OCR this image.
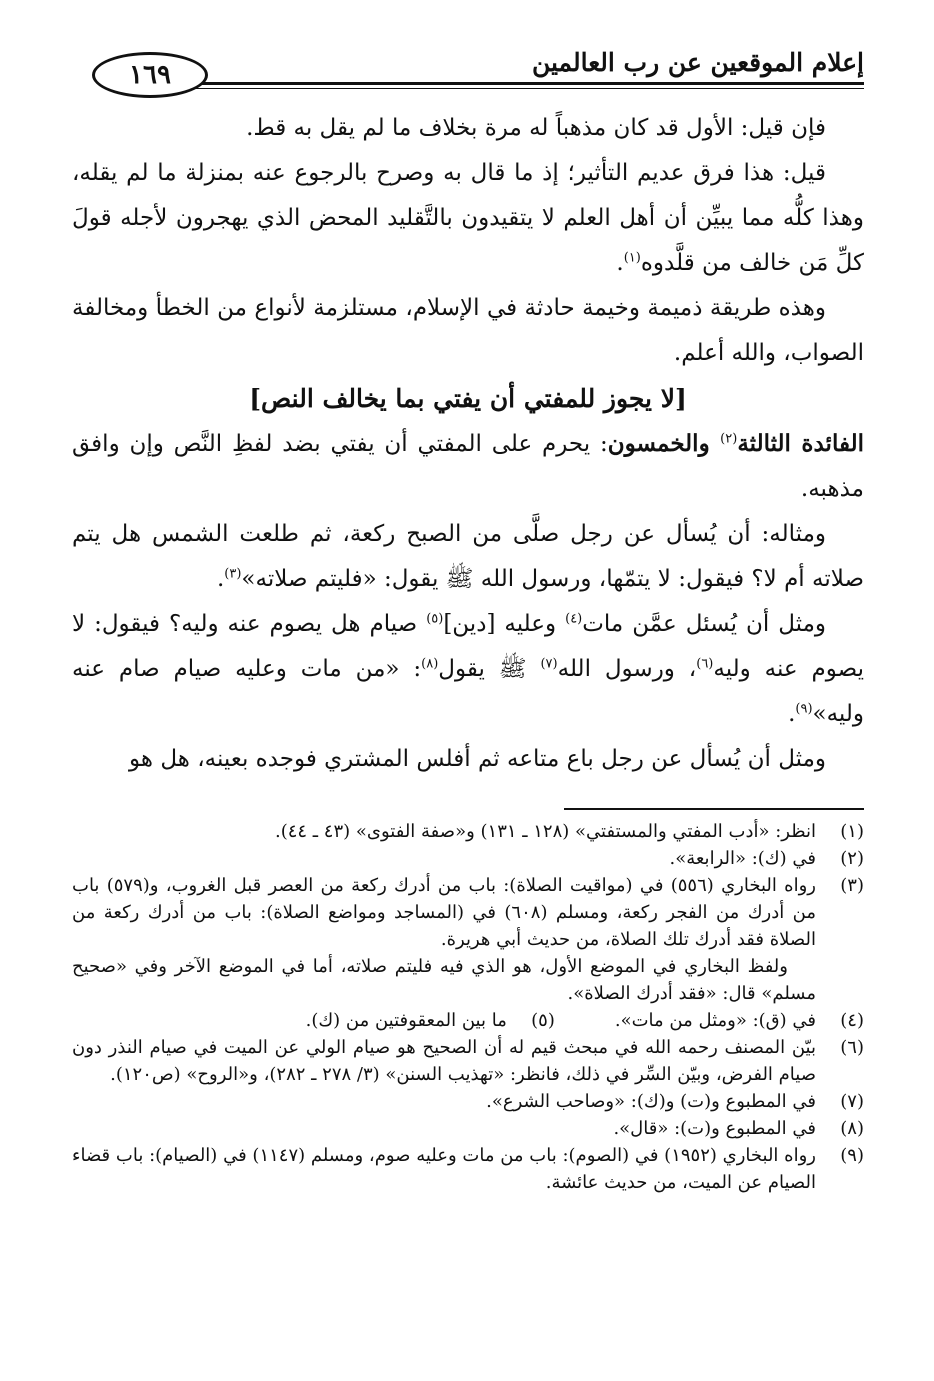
إعلام الموقعين عن رب العالمين
١٦٩

فإن قيل: الأول قد كان مذهباً له مرة بخلاف ما لم يقل به قط.

قيل: هذا فرق عديم التأثير؛ إذ ما قال به وصرح بالرجوع عنه بمنزلة ما لم يقله، وهذا كلُّه مما يبيِّن أن أهل العلم لا يتقيدون بالتَّقليد المحض الذي يهجرون لأجله قولَ كلِّ مَن خالف من قلَّدوه$^{(١)}$.

وهذه طريقة ذميمة وخيمة حادثة في الإسلام، مستلزمة لأنواع من الخطأ ومخالفة الصواب، والله أعلم.

[لا يجوز للمفتي أن يفتي بما يخالف النص]

الفائدة الثالثة$^{(٢)}$ والخمسون: يحرم على المفتي أن يفتي بضد لفظِ النَّص وإن وافق مذهبه.

ومثاله: أن يُسأل عن رجل صلَّى من الصبح ركعة، ثم طلعت الشمس هل يتم صلاته أم لا؟ فيقول: لا يتمّها، ورسول الله ﷺ يقول: «فليتم صلاته»$^{(٣)}$.

ومثل أن يُسئل عمَّن مات$^{(٤)}$ وعليه [دين]$^{(٥)}$ صيام هل يصوم عنه وليه؟ فيقول: لا يصوم عنه وليه$^{(٦)}$، ورسول الله$^{(٧)}$ ﷺ يقول$^{(٨)}$: «من مات وعليه صيام صام عنه وليه»$^{(٩)}$.

ومثل أن يُسأل عن رجل باع متاعه ثم أفلس المشتري فوجده بعينه، هل هو

(١)
انظر: «أدب المفتي والمستفتي» (١٢٨ ـ ١٣١) و«صفة الفتوى» (٤٣ ـ ٤٤).
(٢)
في (ك): «الرابعة».
(٣)
رواه البخاري (٥٥٦) في (مواقيت الصلاة): باب من أدرك ركعة من العصر قبل الغروب، و(٥٧٩) باب من أدرك من الفجر ركعة، ومسلم (٦٠٨) في (المساجد ومواضع الصلاة): باب من أدرك ركعة من الصلاة فقد أدرك تلك الصلاة، من حديث أبي هريرة.
ولفظ البخاري في الموضع الأول، هو الذي فيه فليتم صلاته، أما في الموضع الآخر وفي «صحيح مسلم» قال: «فقد أدرك الصلاة».
(٤)
في (ق): «ومثل من مات».
(٥)
ما بين المعقوفتين من (ك).
(٦)
بيّن المصنف رحمه الله في مبحث قيم له أن الصحيح هو صيام الولي عن الميت في صيام النذر دون صيام الفرض، وبيّن السِّر في ذلك، فانظر: «تهذيب السنن» (٣/ ٢٧٨ ـ ٢٨٢)، و«الروح» (ص١٢٠).
(٧)
في المطبوع و(ت) و(ك): «وصاحب الشرع».
(٨)
في المطبوع و(ت): «قال».
(٩)
رواه البخاري (١٩٥٢) في (الصوم): باب من مات وعليه صوم، ومسلم (١١٤٧) في (الصيام): باب قضاء الصيام عن الميت، من حديث عائشة.
